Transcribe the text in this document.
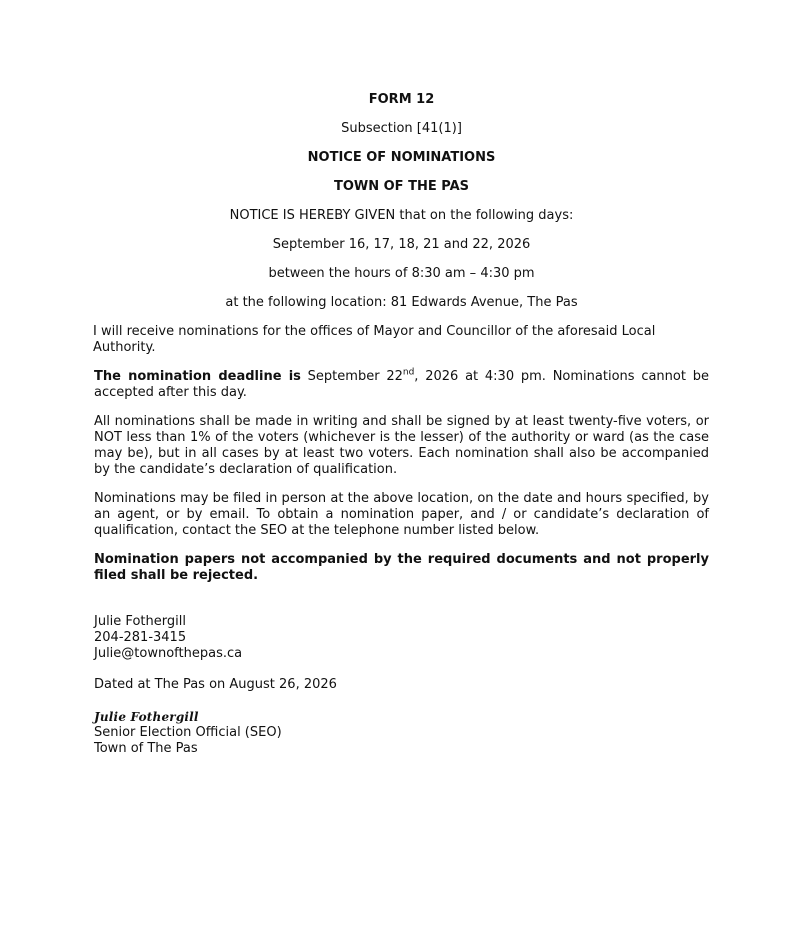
FORM 12
Subsection [41(1)]
NOTICE OF NOMINATIONS
TOWN OF THE PAS
NOTICE IS HEREBY GIVEN that on the following days:
September 16, 17, 18, 21 and 22, 2026
between the hours of 8:30 am – 4:30 pm
at the following location: 81 Edwards Avenue, The Pas

I will receive nominations for the offices of Mayor and Councillor of the aforesaid Local Authority.

The nomination deadline is September 22nd, 2026 at 4:30 pm. Nominations cannot be accepted after this day.

All nominations shall be made in writing and shall be signed by at least twenty-five voters, or NOT less than 1% of the voters (whichever is the lesser) of the authority or ward (as the case may be), but in all cases by at least two voters. Each nomination shall also be accompanied by the candidate’s declaration of qualification.

Nominations may be filed in person at the above location, on the date and hours specified, by an agent, or by email. To obtain a nomination paper, and / or candidate’s declaration of qualification, contact the SEO at the telephone number listed below.

Nomination papers not accompanied by the required documents and not properly filed shall be rejected.

Julie Fothergill

204-281-3415

Julie@townofthepas.ca

Dated at The Pas on August 26, 2026

Julie Fothergill

Senior Election Official (SEO)

Town of The Pas
